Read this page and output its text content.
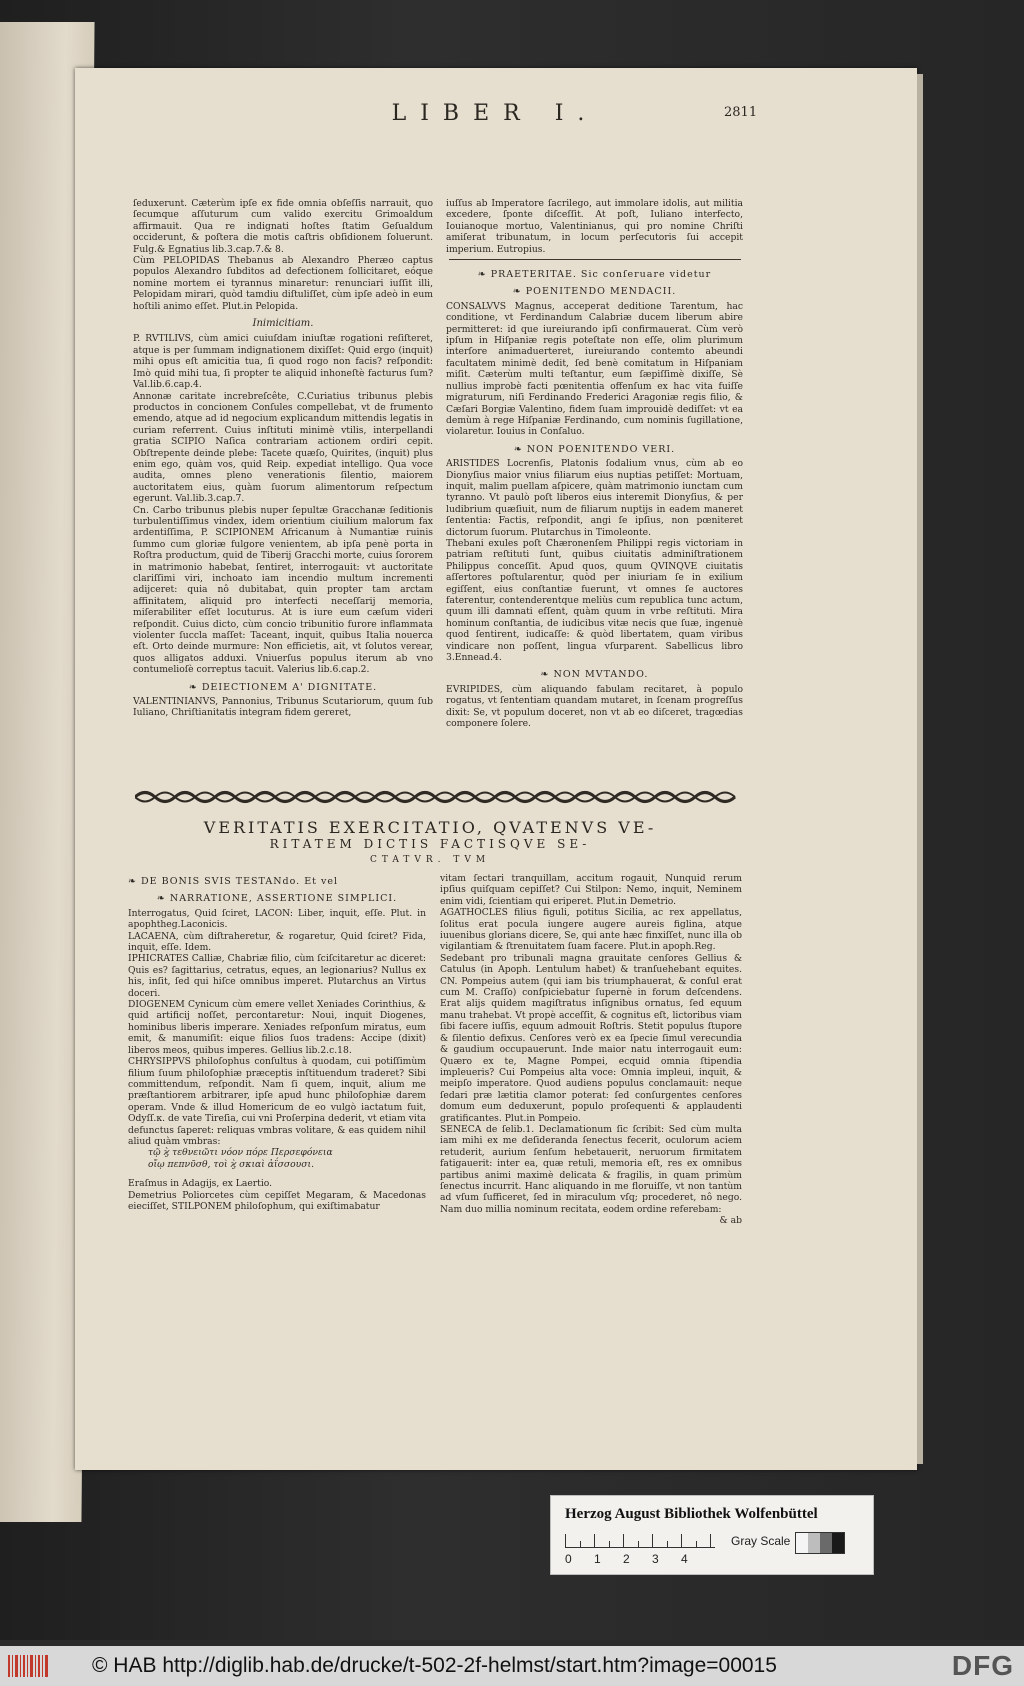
LIBER I.	2811

ſeduxerunt. Cæterùm ipſe ex fide omnia obſeſſis narrauit, quo ſecumque aſſuturum cum valido exercitu Grimoaldum affirmauit. Qua re indignati hoſtes ſtatim Geſualdum occiderunt, & poſtera die motis caſtris obſidionem ſoluerunt. Fulg.& Egnatius lib.3.cap.7.& 8.

Cùm PELOPIDAS Thebanus ab Alexandro Pheræo captus populos Alexandro ſubditos ad defectionem ſollicitaret, eóque nomine mortem ei tyrannus minaretur: renunciari iuſſit illi, Pelopidam mirari, quòd tamdiu diſtuliſſet, cùm ipſe adeò in eum hoſtili animo eſſet. Plut.in Pelopida.

Inimicitiam.

P. RVTILIVS, cùm amici cuiuſdam iniuſtæ rogationi reſiſteret, atque is per ſummam indignationem dixiſſet: Quid ergo (inquit) mihi opus eſt amicitia tua, ſi quod rogo non facis? reſpondit: Imò quid mihi tua, ſi propter te aliquid inhoneſtè facturus ſum? Val.lib.6.cap.4.

Annonæ caritate increbreſcête, C.Curiatius tribunus plebis productos in concionem Conſules compellebat, vt de frumento emendo, atque ad id negocium explicandum mittendis legatis in curiam referrent. Cuius inſtituti minimè vtilis, interpellandi gratia SCIPIO Naſica contrariam actionem ordiri cepit. Obſtrepente deinde plebe: Tacete quæſo, Quirites, (inquit) plus enim ego, quàm vos, quid Reip. expediat intelligo. Qua voce audita, omnes pleno venerationis ſilentio, maiorem auctoritatem eius, quàm ſuorum alimentorum reſpectum egerunt. Val.lib.3.cap.7.

Cn. Carbo tribunus plebis nuper ſepultæ Gracchanæ ſeditionis turbulentiſſimus vindex, idem orientium ciuilium malorum fax ardentiſſima, P. SCIPIONEM Africanum à Numantiæ ruinis ſummo cum gloriæ fulgore venientem, ab ipſa penè porta in Roſtra productum, quid de Tiberij Gracchi morte, cuius ſororem in matrimonio habebat, ſentiret, interrogauit: vt auctoritate clariſſimi viri, inchoato iam incendio multum incrementi adijceret: quia nô dubitabat, quin propter tam arctam affinitatem, aliquid pro interfecti neceſſarij memoria, miſerabiliter eſſet locuturus. At is iure eum cæſum videri reſpondit. Cuius dicto, cùm concio tribunitio furore inflammata violenter ſuccla maſſet: Taceant, inquit, quibus Italia nouerca eſt. Orto deinde murmure: Non efficietis, ait, vt ſolutos verear, quos alligatos adduxi. Vniuerſus populus iterum ab vno contumelioſè correptus tacuit. Valerius lib.6.cap.2.

❧ DEIECTIONEM A' DIGNITATE.

VALENTINIANVS, Pannonius, Tribunus Scutariorum, quum ſub Iuliano, Chriſtianitatis integram fidem gereret,

iuſſus ab Imperatore ſacrilego, aut immolare idolis, aut militia excedere, ſponte diſceſſit. At poſt, Iuliano interfecto, Iouianoque mortuo, Valentinianus, qui pro nomine Chriſti amiſerat tribunatum, in locum perſecutoris ſui accepit imperium. Eutropius.

❧ PRAETERITAE. Sic conſeruare videtur
❧ POENITENDO MENDACII.

CONSALVVS Magnus, acceperat deditione Tarentum, hac conditione, vt Ferdinandum Calabriæ ducem liberum abire permitteret: id que iureiurando ipſi confirmauerat. Cùm verò ipſum in Hiſpaniæ regis poteſtate non eſſe, olim plurimum interſore animaduerteret, iureiurando contemto abeundi facultatem minimè dedit, ſed benè comitatum in Hiſpaniam miſit. Cæterùm multi teſtantur, eum ſæpiſſimè dixiſſe, Sè nullius improbè facti pœnitentia offenſum ex hac vita fuiſſe migraturum, niſi Ferdinando Frederici Aragoniæ regis filio, & Cæſari Borgiæ Valentino, fidem ſuam improuidè dediſſet: vt ea demùm à rege Hiſpaniæ Ferdinando, cum nominis ſugillatione, violaretur. Iouius in Conſaluo.

❧ NON POENITENDO VERI.

ARISTIDES Locrenſis, Platonis ſodalium vnus, cùm ab eo Dionyſius maior vnius filiarum eius nuptias petiſſet: Mortuam, inquit, malim puellam aſpicere, quàm matrimonio iunctam cum tyranno. Vt paulò poſt liberos eius interemit Dionyſius, & per ludibrium quæſiuit, num de filiarum nuptijs in eadem maneret ſententia: Factis, reſpondit, angi ſe ipſius, non pœniteret dictorum ſuorum. Plutarchus in Timoleonte.

Thebani exules poſt Chæronenſem Philippi regis victoriam in patriam reſtituti ſunt, quibus ciuitatis adminiſtrationem Philippus conceſſit. Apud quos, quum QVINQVE ciuitatis aſſertores poſtularentur, quòd per iniuriam ſe in exilium egiſſent, eius conſtantiæ fuerunt, vt omnes ſe auctores faterentur, contenderentque meliùs cum republica tunc actum, quum illi damnati eſſent, quàm quum in vrbe reſtituti. Mira hominum conſtantia, de iudicibus vitæ necis que ſuæ, ingenuè quod ſentirent, iudicaſſe: & quòd libertatem, quam viribus vindicare non poſſent, lingua vſurparent. Sabellicus libro 3.Ennead.4.

❧ NON MVTANDO.

EVRIPIDES, cùm aliquando fabulam recitaret, à populo rogatus, vt ſententiam quandam mutaret, in ſcenam progreſſus dixit: Se, vt populum doceret, non vt ab eo diſceret, tragœdias componere ſolere.

VERITATIS EXERCITATIO, QVATENVS VE-
RITATEM DICTIS FACTISQVE SE-
CTATVR. TVM
❧ DE BONIS SVIS TESTANdo. Et vel
❧ NARRATIONE, ASSERTIONE SIMPLICI.

Interrogatus, Quid ſciret, LACON: Liber, inquit, eſſe. Plut. in apophtheg.Laconicis.

LACAENA, cùm diſtraheretur, & rogaretur, Quid ſciret? Fida, inquit, eſſe. Idem.

IPHICRATES Calliæ, Chabriæ filio, cùm ſciſcitaretur ac diceret: Quis es? ſagittarius, cetratus, eques, an legionarius? Nullus ex his, inſit, ſed qui hiſce omnibus imperet. Plutarchus an Virtus doceri.

DIOGENEM Cynicum cùm emere vellet Xeniades Corinthius, & quid artificij noſſet, percontaretur: Noui, inquit Diogenes, hominibus liberis imperare. Xeniades reſponſum miratus, eum emit, & manumiſit: eique filios ſuos tradens: Accipe (dixit) liberos meos, quibus imperes. Gellius lib.2.c.18.

CHRYSIPPVS philoſophus conſultus à quodam, cui potiſſimùm filium ſuum philoſophiæ præceptis inſtituendum traderet? Sibi committendum, reſpondit. Nam ſi quem, inquit, alium me præſtantiorem arbitrarer, ipſe apud hunc philoſophiæ darem operam. Vnde & illud Homericum de eo vulgò iactatum fuit, Odyſſ.κ. de vate Tireſia, cui vni Proſerpina dederit, vt etiam vita defunctus ſaperet: reliquas vmbras volitare, & eas quidem nihil aliud quàm vmbras:

τῷ ϗ̀ τεθνειῶτι νόον πόρε Περσεφόνεια

οἴῳ πεπνῦσθ, τοὶ ϗ̀ σκιαὶ ἀΐσσουσι.

Eraſmus in Adagijs, ex Laertio.

Demetrius Poliorcetes cùm cepiſſet Megaram, & Macedonas eieciſſet, STILPONEM philoſophum, qui exiſtimabatur

vitam ſectari tranquillam, accitum rogauit, Nunquid rerum ipſius quiſquam cepiſſet? Cui Stilpon: Nemo, inquit, Neminem enim vidi, ſcientiam qui eriperet. Plut.in Demetrio.

AGATHOCLES filius figuli, potitus Sicilia, ac rex appellatus, ſolitus erat pocula iungere augere aureis figlina, atque iuuenibus glorians dicere, Se, qui ante hæc finxiſſet, nunc illa ob vigilantiam & ſtrenuitatem ſuam facere. Plut.in apoph.Reg.

Sedebant pro tribunali magna grauitate cenſores Gellius & Catulus (in Apoph. Lentulum habet) & tranſuehebant equites. CN. Pompeius autem (qui iam bis triumphauerat, & conſul erat cum M. Craſſo) conſpiciebatur ſupernè in forum deſcendens. Erat alijs quidem magiſtratus inſignibus ornatus, ſed equum manu trahebat. Vt propè acceſſit, & cognitus eſt, lictoribus viam ſibi facere iuſſis, equum admouit Roſtris. Stetit populus ſtupore & ſilentio defixus. Cenſores verò ex ea ſpecie ſimul verecundia & gaudium occupauerunt. Inde maior natu interrogauit eum: Quæro ex te, Magne Pompei, ecquid omnia ſtipendia impleueris? Cui Pompeius alta voce: Omnia impleui, inquit, & meipſo imperatore. Quod audiens populus conclamauit: neque ſedari præ lætitia clamor poterat: ſed conſurgentes cenſores domum eum deduxerunt, populo proſequenti & applaudenti gratificantes. Plut.in Pompeio.

SENECA de ſelib.1. Declamationum ſic ſcribit: Sed cùm multa iam mihi ex me deſideranda ſenectus fecerit, oculorum aciem retuderit, aurium ſenſum hebetauerit, neruorum firmitatem fatigauerit: inter ea, quæ retuli, memoria eſt, res ex omnibus partibus animi maximè delicata & fragilis, in quam primùm ſenectus incurrit. Hanc aliquando in me floruiſſe, vt non tantùm ad vſum ſufficeret, ſed in miraculum vſq; procederet, nô nego. Nam duo millia nominum recitata, eodem ordine referebam:

& ab

Herzog August Bibliothek Wolfenbüttel
0 1 2 3 4
Gray Scale
© HAB http://diglib.hab.de/drucke/t-502-2f-helmst/start.htm?image=00015	DFG
